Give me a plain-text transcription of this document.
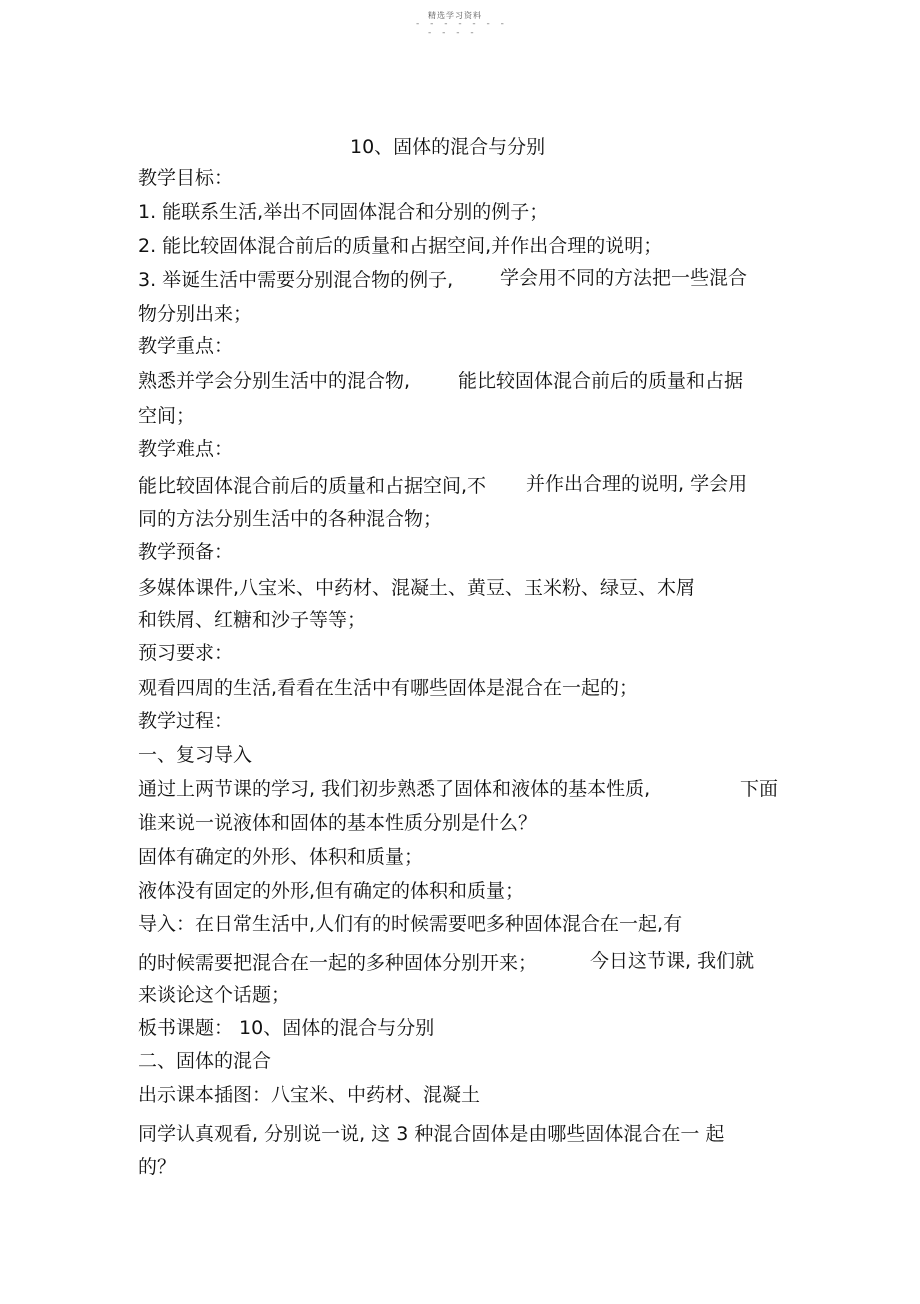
精选学习资料
- - - - - - -
- - - -
10、固体的混合与分别
教学目标：
1. 能联系生活,举出不同固体混合和分别的例子；
2. 能比较固体混合前后的质量和占据空间,并作出合理的说明；
3. 举诞生活中需要分别混合物的例子, 学会用不同的方法把一些混合
物分别出来；
教学重点：
熟悉并学会分别生活中的混合物,	能比较固体混合前后的质量和占据
空间；
教学难点：
能比较固体混合前后的质量和占据空间,不 并作出合理的说明, 学会用
同的方法分别生活中的各种混合物；
教学预备：
多媒体课件,八宝米、中药材、混凝土、黄豆、玉米粉、绿豆、木屑
和铁屑、红糖和沙子等等；
预习要求：
观看四周的生活,看看在生活中有哪些固体是混合在一起的；
教学过程：
一、复习导入
通过上两节课的学习, 我们初步熟悉了固体和液体的基本性质,	下面
谁来说一说液体和固体的基本性质分别是什么？
固体有确定的外形、体积和质量；
液体没有固定的外形,但有确定的体积和质量；
导入：在日常生活中,人们有的时候需要吧多种固体混合在一起,有
的时候需要把混合在一起的多种固体分别开来；	今日这节课, 我们就
来谈论这个话题；
板书课题： 10、固体的混合与分别
二、固体的混合
出示课本插图：八宝米、中药材、混凝土
同学认真观看, 分别说一说, 这 3 种混合固体是由哪些固体混合在一 起
的？
